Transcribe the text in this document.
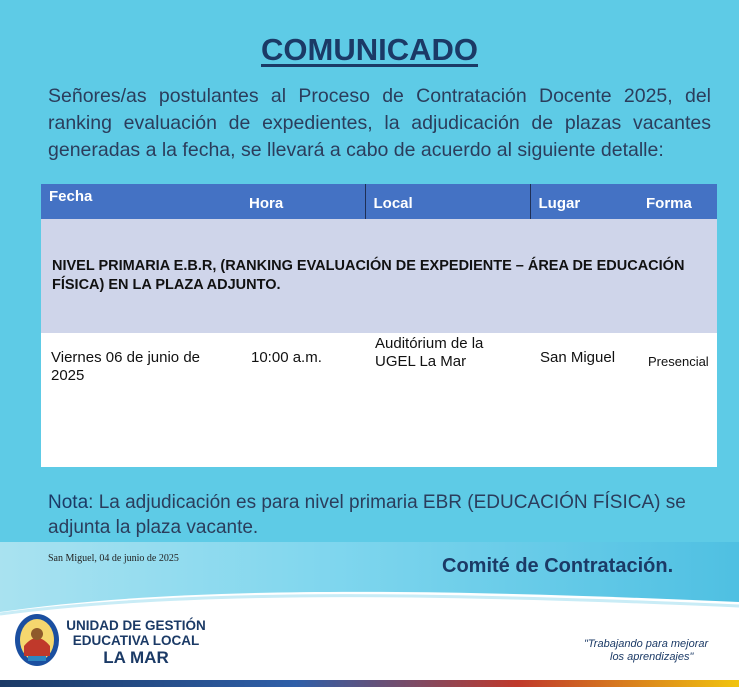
COMUNICADO

Señores/as postulantes al Proceso de Contratación Docente 2025, del ranking evaluación de expedientes, la adjudicación de plazas vacantes generadas a la fecha, se llevará a cabo de acuerdo al siguiente detalle:

Fecha	Hora	Local	Lugar	Forma
NIVEL PRIMARIA E.B.R, (RANKING EVALUACIÓN DE EXPEDIENTE – ÁREA DE EDUCACIÓN FÍSICA) EN LA PLAZA ADJUNTO.				
Viernes 06 de junio de 2025	10:00 a.m.	Auditórium de la UGEL La Mar	San Miguel	Presencial

Nota: La adjudicación es para nivel primaria EBR (EDUCACIÓN FÍSICA) se adjunta la plaza vacante.

San Miguel, 04 de junio de 2025	Comité de Contratación.
UNIDAD DE GESTIÓN
EDUCATIVA LOCAL
LA MAR
"Trabajando para mejorar
los aprendizajes"
